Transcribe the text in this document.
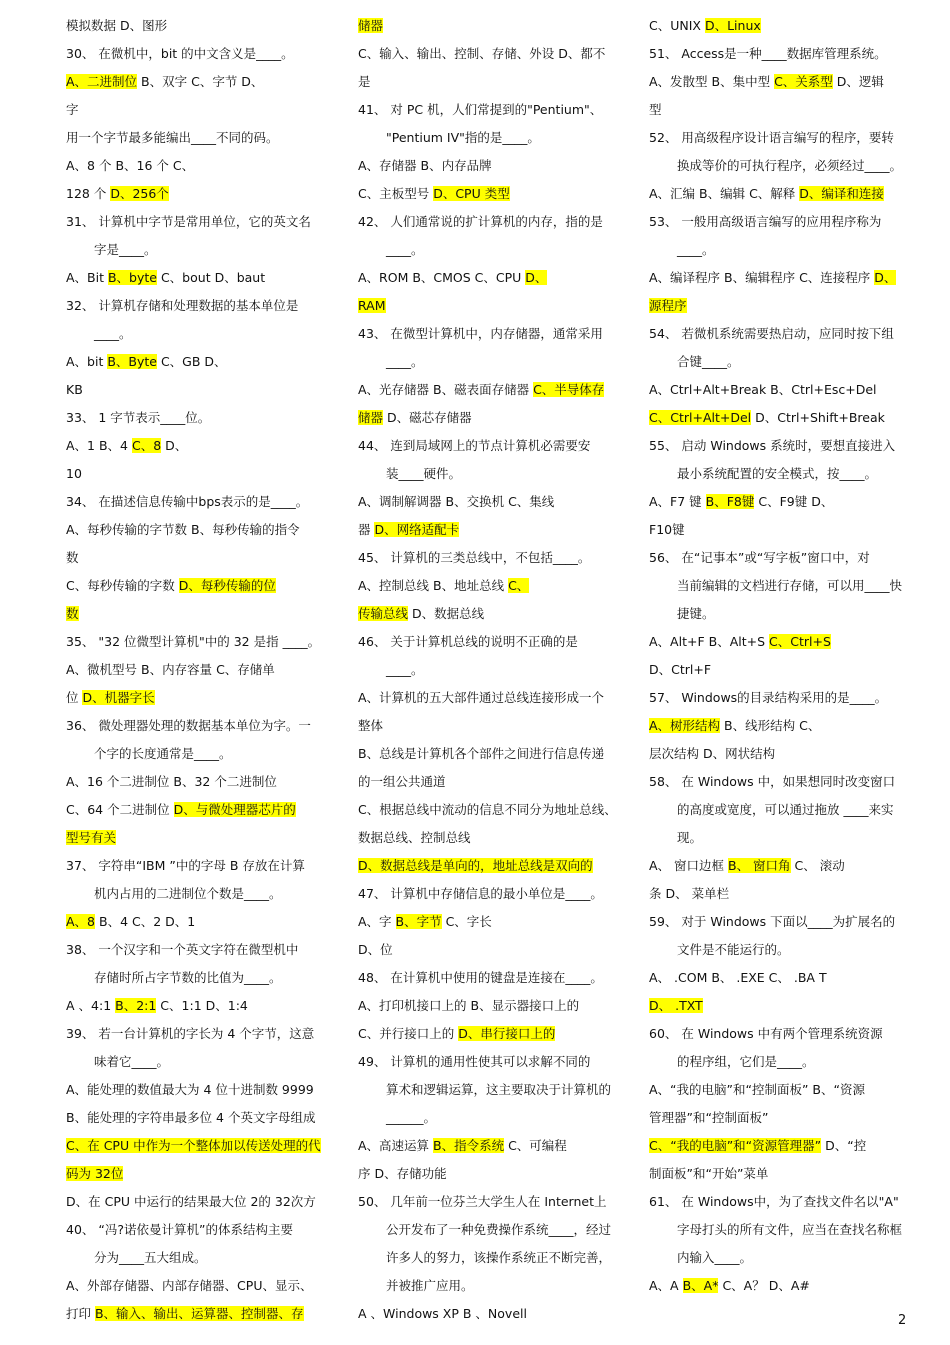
模拟数据 D、图形
30、 在微机中，bit 的中文含义是____。
A、二进制位 B、双字 C、字节 D、
字
用一个字节最多能编出____不同的码。
A、8 个 B、16 个 C、
128 个 D、256个
31、 计算机中字节是常用单位，它的英文名
字是____。
A、Bit B、byte C、bout D、baut
32、 计算机存储和处理数据的基本单位是
____。
A、bit B、Byte C、GB D、
KB
33、 1 字节表示____位。
A、1 B、4 C、8 D、
10
34、 在描述信息传输中bps表示的是____。
A、每秒传输的字节数 B、每秒传输的指令
数
C、每秒传输的字数 D、每秒传输的位
数
35、 "32 位微型计算机"中的 32 是指 ____。
A、微机型号 B、内存容量 C、存储单
位 D、机器字长
36、 微处理器处理的数据基本单位为字。一
个字的长度通常是____。
A、16 个二进制位 B、32 个二进制位
C、64 个二进制位 D、与微处理器芯片的
型号有关
37、 字符串“IBM ”中的字母 B 存放在计算
机内占用的二进制位个数是____。
A、8 B、4 C、2 D、1
38、 一个汉字和一个英文字符在微型机中
存储时所占字节数的比值为____。
A 、4:1 B、2:1 C、1:1 D、1:4
39、 若一台计算机的字长为 4 个字节，这意
味着它____。
A、能处理的数值最大为 4 位十进制数 9999
B、能处理的字符串最多位 4 个英文字母组成
C、在 CPU 中作为一个整体加以传送处理的代
码为 32位
D、在 CPU 中运行的结果最大位 2的 32次方
40、 “冯?诺依曼计算机”的体系结构主要
分为____五大组成。
A、外部存储器、内部存储器、CPU、显示、
打印 B、输入、输出、运算器、控制器、存
储器
C、输入、输出、控制、存储、外设 D、都不
是
41、 对 PC 机，人们常提到的"Pentium"、
"Pentium IV"指的是____。
A、存储器 B、内存品牌
C、主板型号 D、CPU 类型
42、 人们通常说的扩计算机的内存，指的是
____。
A、ROM B、CMOS C、CPU D、
RAM
43、 在微型计算机中，内存储器，通常采用
____。
A、光存储器 B、磁表面存储器 C、半导体存
储器 D、磁芯存储器
44、 连到局域网上的节点计算机必需要安
装____硬件。
A、调制解调器 B、交换机 C、集线
器 D、网络适配卡
45、 计算机的三类总线中，不包括____。
A、控制总线 B、地址总线 C、
传输总线 D、数据总线
46、 关于计算机总线的说明不正确的是
____。
A、计算机的五大部件通过总线连接形成一个
整体
B、总线是计算机各个部件之间进行信息传递
的一组公共通道
C、根据总线中流动的信息不同分为地址总线、
数据总线、控制总线
D、数据总线是单向的，地址总线是双向的
47、 计算机中存储信息的最小单位是____。
A、字 B、字节 C、字长
D、位
48、 在计算机中使用的键盘是连接在____。
A、打印机接口上的 B、显示器接口上的
C、并行接口上的 D、串行接口上的
49、 计算机的通用性使其可以求解不同的
算术和逻辑运算，这主要取决于计算机的
______。
A、高速运算 B、指令系统 C、可编程
序 D、存储功能
50、 几年前一位芬兰大学生人在 Internet上
公开发布了一种免费操作系统____，经过
许多人的努力，该操作系统正不断完善，
并被推广应用。
A 、Windows XP B 、Novell
C、UNIX D、Linux
51、 Access是一种____数据库管理系统。
A、发散型 B、集中型 C、关系型 D、逻辑
型
52、 用高级程序设计语言编写的程序，要转
换成等价的可执行程序，必须经过____。
A、汇编 B、编辑 C、解释 D、编译和连接
53、 一般用高级语言编写的应用程序称为
____。
A、编译程序 B、编辑程序 C、连接程序 D、
源程序
54、 若微机系统需要热启动，应同时按下组
合键____。
A、Ctrl+Alt+Break B、Ctrl+Esc+Del
C、Ctrl+Alt+Del D、Ctrl+Shift+Break
55、 启动 Windows 系统时，要想直接进入
最小系统配置的安全模式，按____。
A、F7 键 B、F8键 C、F9键 D、
F10键
56、 在“记事本”或“写字板”窗口中，对
当前编辑的文档进行存储，可以用____快
捷键。
A、Alt+F B、Alt+S C、Ctrl+S
D、Ctrl+F
57、 Windows的目录结构采用的是____。
A、树形结构 B、线形结构 C、
层次结构 D、网状结构
58、 在 Windows 中，如果想同时改变窗口
的高度或宽度，可以通过拖放 ____来实
现。
A、 窗口边框 B、 窗口角 C、 滚动
条 D、 菜单栏
59、 对于 Windows 下面以____为扩展名的
文件是不能运行的。
A、 .COM B、 .EXE C、 .BA T
D、 .TXT
60、 在 Windows 中有两个管理系统资源
的程序组，它们是____。
A、“我的电脑”和“控制面板” B、“资源
管理器”和“控制面板”
C、“我的电脑”和“资源管理器” D、“控
制面板”和“开始”菜单
61、 在 Windows中，为了查找文件名以"A"
字母打头的所有文件，应当在查找名称框
内输入____。
A、A B、A* C、A？ D、A#
2
